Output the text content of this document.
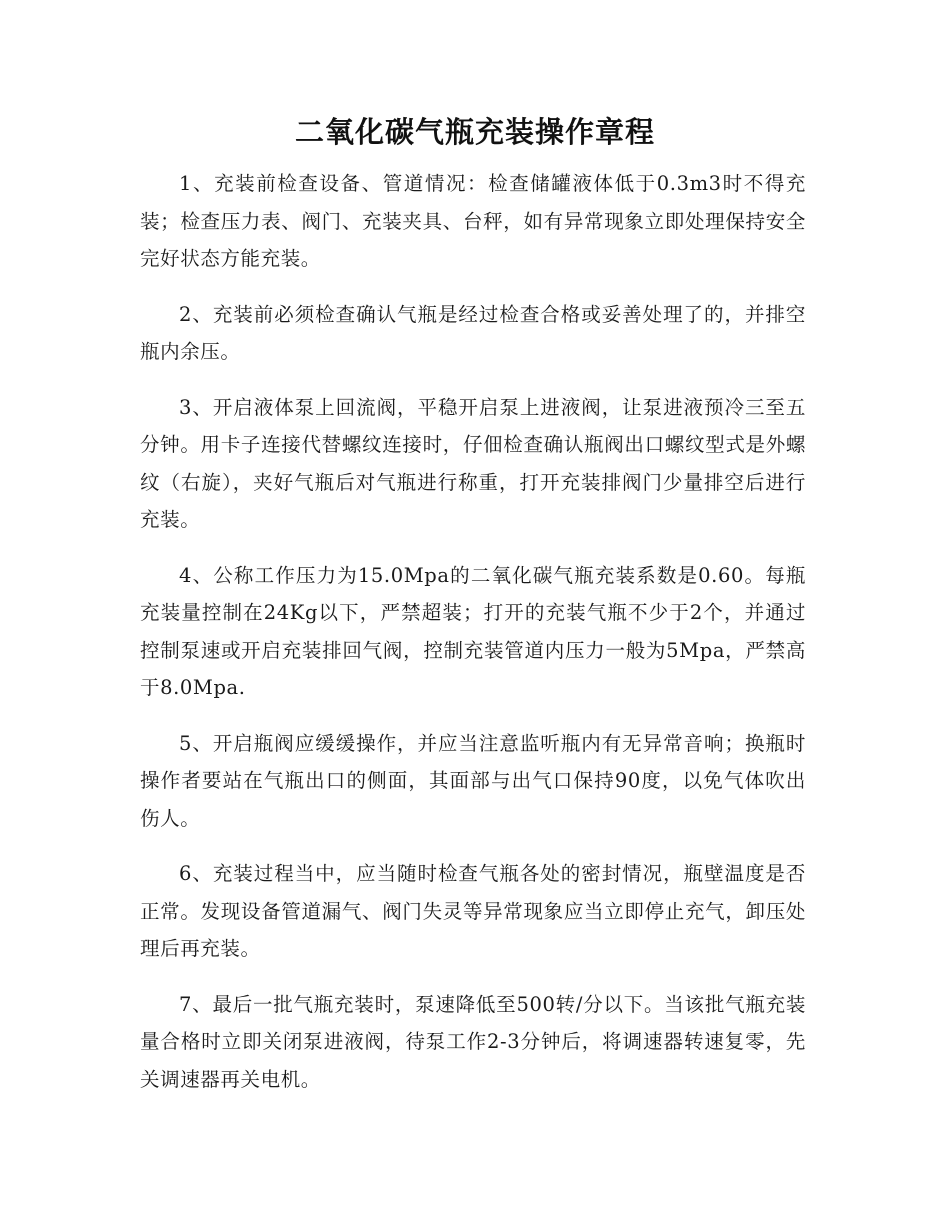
二氧化碳气瓶充装操作章程

1、充装前检查设备、管道情况：检查储罐液体低于0.3m3时不得充装；检查压力表、阀门、充装夹具、台秤，如有异常现象立即处理保持安全完好状态方能充装。

2、充装前必须检查确认气瓶是经过检查合格或妥善处理了的，并排空瓶内余压。

3、开启液体泵上回流阀，平稳开启泵上进液阀，让泵进液预冷三至五分钟。用卡子连接代替螺纹连接时，仔佃检查确认瓶阀出口螺纹型式是外螺纹（右旋），夹好气瓶后对气瓶进行称重，打开充装排阀门少量排空后进行充装。

4、公称工作压力为15.0Mpa的二氧化碳气瓶充装系数是0.60。每瓶充装量控制在24Kg以下，严禁超装；打开的充装气瓶不少于2个，并通过控制泵速或开启充装排回气阀，控制充装管道内压力一般为5Mpa，严禁高于8.0Mpa.

5、开启瓶阀应缓缓操作，并应当注意监听瓶内有无异常音响；换瓶时操作者要站在气瓶出口的侧面，其面部与出气口保持90度，以免气体吹出伤人。

6、充装过程当中，应当随时检查气瓶各处的密封情况，瓶壁温度是否正常。发现设备管道漏气、阀门失灵等异常现象应当立即停止充气，卸压处理后再充装。

7、最后一批气瓶充装时，泵速降低至500转/分以下。当该批气瓶充装量合格时立即关闭泵进液阀，待泵工作2-3分钟后，将调速器转速复零，先关调速器再关电机。
